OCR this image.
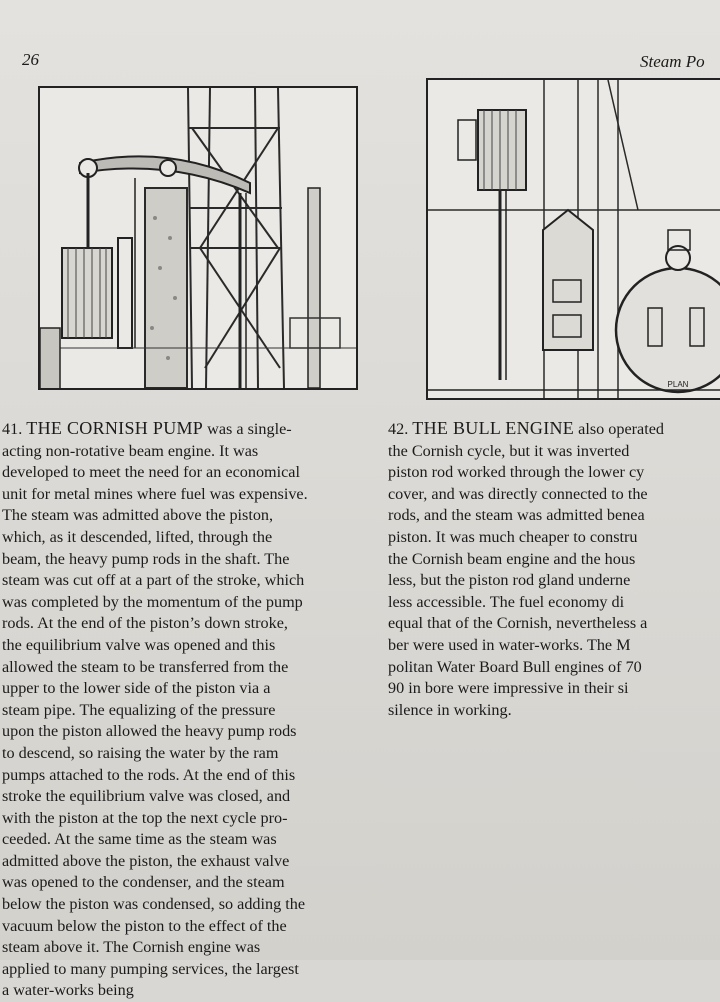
26	Steam Po
PLAN
41. THE CORNISH PUMP was a single-
acting non-rotative beam engine. It was
developed to meet the need for an economical
unit for metal mines where fuel was expensive.
The steam was admitted above the piston,
which, as it descended, lifted, through the
beam, the heavy pump rods in the shaft. The
steam was cut off at a part of the stroke, which
was completed by the momentum of the pump
rods. At the end of the piston’s down stroke,
the equilibrium valve was opened and this
allowed the steam to be transferred from the
upper to the lower side of the piston via a
steam pipe. The equalizing of the pressure
upon the piston allowed the heavy pump rods
to descend, so raising the water by the ram
pumps attached to the rods. At the end of this
stroke the equilibrium valve was closed, and
with the piston at the top the next cycle pro-
ceeded. At the same time as the steam was
admitted above the piston, the exhaust valve
was opened to the condenser, and the steam
below the piston was condensed, so adding the
vacuum below the piston to the effect of the
steam above it. The Cornish engine was
applied to many pumping services, the largest
a water-works being
42. THE BULL ENGINE also operated
the Cornish cycle, but it was inverted
piston rod worked through the lower cy
cover, and was directly connected to the
rods, and the steam was admitted benea
piston. It was much cheaper to constru
the Cornish beam engine and the hous
less, but the piston rod gland underne
less accessible. The fuel economy di
equal that of the Cornish, nevertheless a
ber were used in water-works. The M
politan Water Board Bull engines of 70
90 in bore were impressive in their si
silence in working.
